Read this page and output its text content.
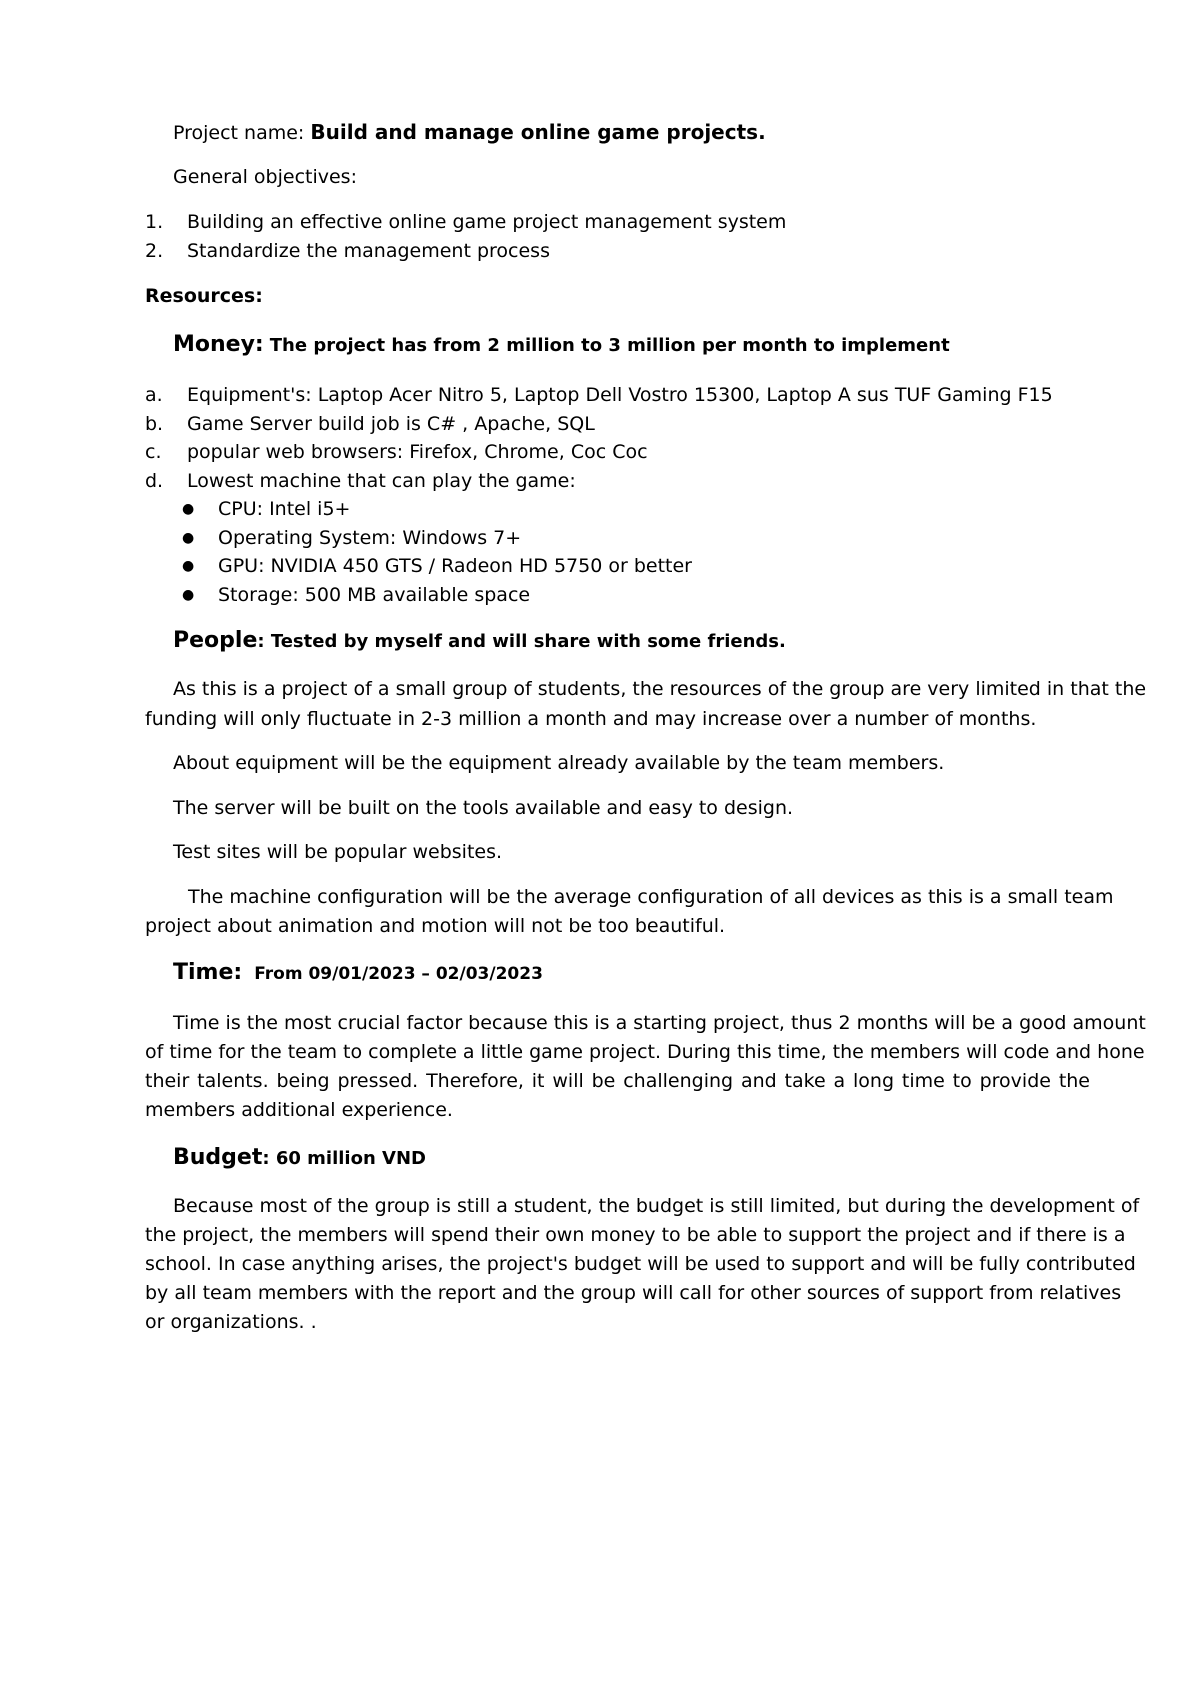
Project name: Build and manage online game projects.
General objectives:
1. Building an effective online game project management system
2. Standardize the management process
Resources:
Money: The project has from 2 million to 3 million per month to implement
a. Equipment's: Laptop Acer Nitro 5, Laptop Dell Vostro 15300, Laptop A sus TUF Gaming F15
b. Game Server build job is C# , Apache, SQL
c. popular web browsers: Firefox, Chrome, Coc Coc
d. Lowest machine that can play the game:
● CPU: Intel i5+
● Operating System: Windows 7+
● GPU: NVIDIA 450 GTS / Radeon HD 5750 or better
● Storage: 500 MB available space
People: Tested by myself and will share with some friends.
As this is a project of a small group of students, the resources of the group are very limited in that the
funding will only fluctuate in 2-3 million a month and may increase over a number of months.
About equipment will be the equipment already available by the team members.
The server will be built on the tools available and easy to design.
Test sites will be popular websites.
The machine configuration will be the average configuration of all devices as this is a small team
project about animation and motion will not be too beautiful.
Time: From 09/01/2023 – 02/03/2023
Time is the most crucial factor because this is a starting project, thus 2 months will be a good amount
of time for the team to complete a little game project. During this time, the members will code and hone
their talents. being pressed. Therefore, it will be challenging and take a long time to provide the
members additional experience.
Budget: 60 million VND
Because most of the group is still a student, the budget is still limited, but during the development of
the project, the members will spend their own money to be able to support the project and if there is a
school. In case anything arises, the project's budget will be used to support and will be fully contributed
by all team members with the report and the group will call for other sources of support from relatives
or organizations. .
